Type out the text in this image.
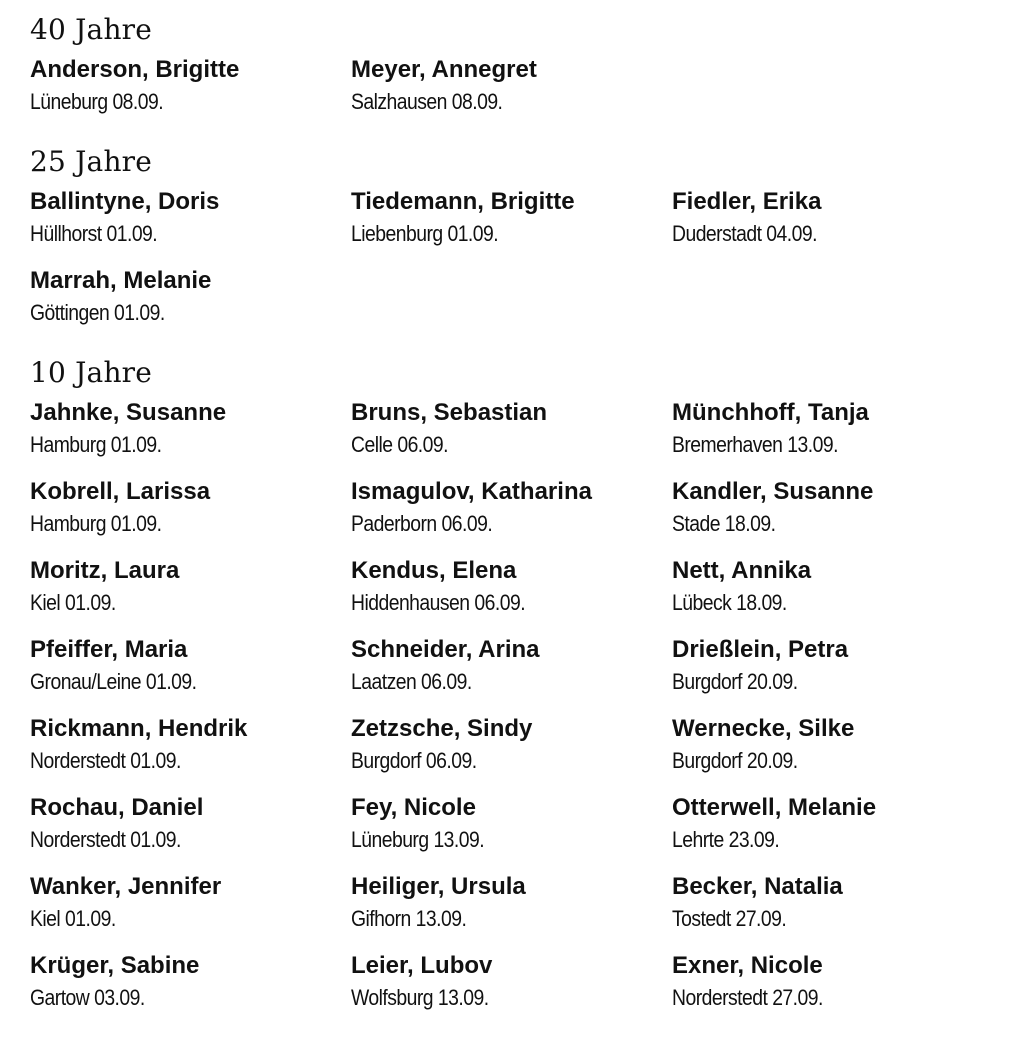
40 Jahre
Anderson, Brigitte
Lüneburg 08.09.
Meyer, Annegret
Salzhausen 08.09.
25 Jahre
Ballintyne, Doris
Hüllhorst 01.09.
Tiedemann, Brigitte
Liebenburg 01.09.
Fiedler, Erika
Duderstadt 04.09.
Marrah, Melanie
Göttingen 01.09.
10 Jahre
Jahnke, Susanne
Hamburg 01.09.
Bruns, Sebastian
Celle 06.09.
Münchhoff, Tanja
Bremerhaven 13.09.
Kobrell, Larissa
Hamburg 01.09.
Ismagulov, Katharina
Paderborn 06.09.
Kandler, Susanne
Stade 18.09.
Moritz, Laura
Kiel 01.09.
Kendus, Elena
Hiddenhausen 06.09.
Nett, Annika
Lübeck 18.09.
Pfeiffer, Maria
Gronau/Leine 01.09.
Schneider, Arina
Laatzen 06.09.
Drießlein, Petra
Burgdorf 20.09.
Rickmann, Hendrik
Norderstedt 01.09.
Zetzsche, Sindy
Burgdorf 06.09.
Wernecke, Silke
Burgdorf 20.09.
Rochau, Daniel
Norderstedt 01.09.
Fey, Nicole
Lüneburg 13.09.
Otterwell, Melanie
Lehrte 23.09.
Wanker, Jennifer
Kiel 01.09.
Heiliger, Ursula
Gifhorn 13.09.
Becker, Natalia
Tostedt 27.09.
Krüger, Sabine
Gartow 03.09.
Leier, Lubov
Wolfsburg 13.09.
Exner, Nicole
Norderstedt 27.09.
